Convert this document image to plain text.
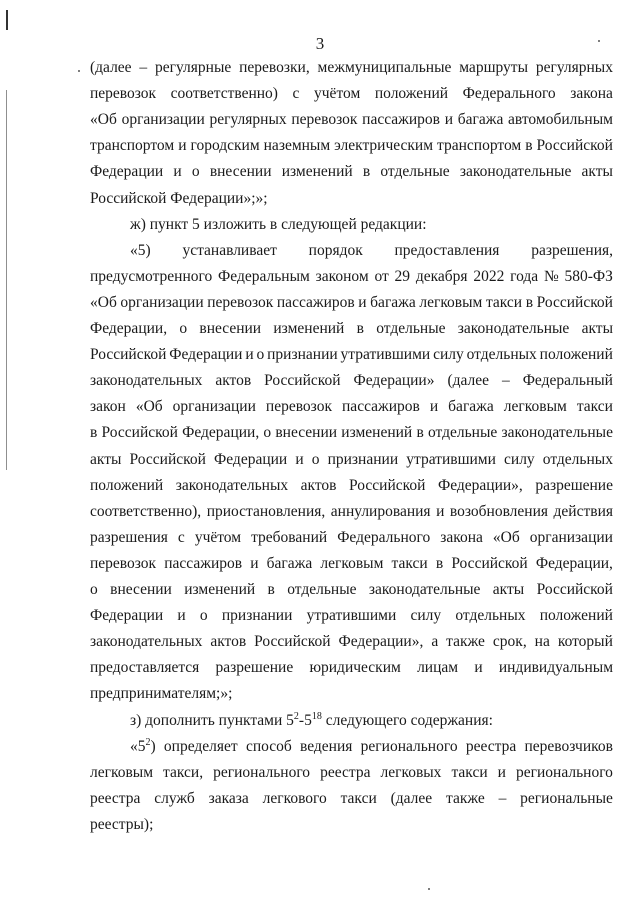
3
(далее – регулярные перевозки, межмуниципальные маршруты регулярных
перевозок соответственно) с учётом положений Федерального закона
«Об организации регулярных перевозок пассажиров и багажа автомобильным
транспортом и городским наземным электрическим транспортом в Российской
Федерации и о внесении изменений в отдельные законодательные акты
Российской Федерации»;»;
ж) пункт 5 изложить в следующей редакции:
«5) устанавливает порядок предоставления разрешения,
предусмотренного Федеральным законом от 29 декабря 2022 года № 580-ФЗ
«Об организации перевозок пассажиров и багажа легковым такси в Российской
Федерации, о внесении изменений в отдельные законодательные акты
Российской Федерации и о признании утратившими силу отдельных положений
законодательных актов Российской Федерации» (далее – Федеральный
закон «Об организации перевозок пассажиров и багажа легковым такси
в Российской Федерации, о внесении изменений в отдельные законодательные
акты Российской Федерации и о признании утратившими силу отдельных
положений законодательных актов Российской Федерации», разрешение
соответственно), приостановления, аннулирования и возобновления действия
разрешения с учётом требований Федерального закона «Об организации
перевозок пассажиров и багажа легковым такси в Российской Федерации,
о внесении изменений в отдельные законодательные акты Российской
Федерации и о признании утратившими силу отдельных положений
законодательных актов Российской Федерации», а также срок, на который
предоставляется разрешение юридическим лицам и индивидуальным
предпринимателям;»;
з) дополнить пунктами $5^2-5^{18}$ следующего содержания:
«$5^2$) определяет способ ведения регионального реестра перевозчиков
легковым такси, регионального реестра легковых такси и регионального
реестра служб заказа легкового такси (далее также – региональные
реестры);
